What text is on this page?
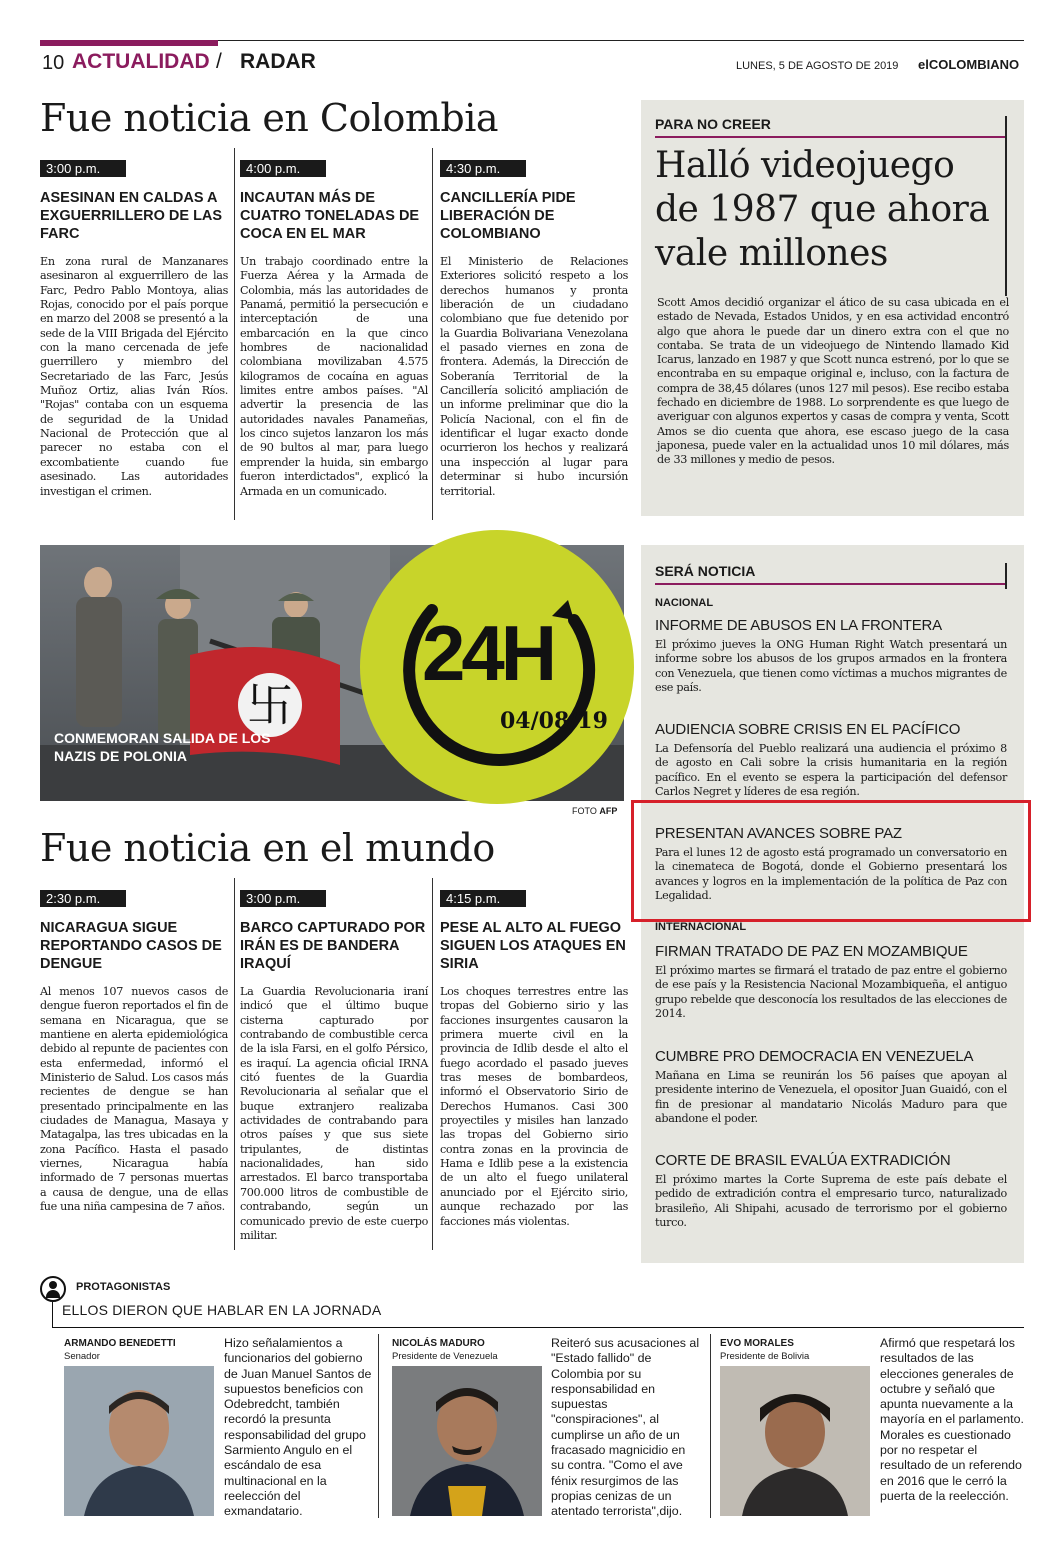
10 ACTUALIDAD / RADAR	LUNES, 5 DE AGOSTO DE 2019 elCOLOMBIANO
Fue noticia en Colombia
3:00 p.m.
ASESINAN EN CALDAS A EXGUERRILLERO DE LAS FARC
En zona rural de Manzanares asesinaron al exguerrillero de las Farc, Pedro Pablo Montoya, alias Rojas, conocido por el país porque en marzo del 2008 se presentó a la sede de la VIII Brigada del Ejército con la mano cercenada de jefe guerrillero y miembro del Secretariado de las Farc, Jesús Muñoz Ortiz, alias Iván Ríos. "Rojas" contaba con un esquema de seguridad de la Unidad Nacional de Protección que al parecer no estaba con el excombatiente cuando fue asesinado. Las autoridades investigan el crimen.
4:00 p.m.
INCAUTAN MÁS DE CUATRO TONELADAS DE COCA EN EL MAR
Un trabajo coordinado entre la Fuerza Aérea y la Armada de Colombia, más las autoridades de Panamá, permitió la persecución e interceptación de una embarcación en la que cinco hombres de nacionalidad colombiana movilizaban 4.575 kilogramos de cocaína en aguas limites entre ambos países. "Al advertir la presencia de las autoridades navales Panameñas, los cinco sujetos lanzaron los más de 90 bultos al mar, para luego emprender la huida, sin embargo fueron interdictados", explicó la Armada en un comunicado.
4:30 p.m.
CANCILLERÍA PIDE LIBERACIÓN DE COLOMBIANO
El Ministerio de Relaciones Exteriores solicitó respeto a los derechos humanos y pronta liberación de un ciudadano colombiano que fue detenido por la Guardia Bolivariana Venezolana el pasado viernes en zona de frontera. Además, la Dirección de Soberanía Territorial de la Cancillería solicitó ampliación de un informe preliminar que dio la Policía Nacional, con el fin de identificar el lugar exacto donde ocurrieron los hechos y realizará una inspección al lugar para determinar si hubo incursión territorial.
PARA NO CREER
Halló videojuego de 1987 que ahora vale millones
Scott Amos decidió organizar el ático de su casa ubicada en el estado de Nevada, Estados Unidos, y en esa actividad encontró algo que ahora le puede dar un dinero extra con el que no contaba. Se trata de un videojuego de Nintendo llamado Kid Icarus, lanzado en 1987 y que Scott nunca estrenó, por lo que se encontraba en su empaque original e, incluso, con la factura de compra de 38,45 dólares (unos 127 mil pesos). Ese recibo estaba fechado en diciembre de 1988. Lo sorprendente es que luego de averiguar con algunos expertos y casas de compra y venta, Scott Amos se dio cuenta que ahora, ese escaso juego de la casa japonesa, puede valer en la actualidad unos 10 mil dólares, más de 33 millones y medio de pesos.
卐
CONMEMORAN SALIDA DE LOS NAZIS DE POLONIA
24H
04/08/19
FOTO AFP
SERÁ NOTICIA
NACIONAL
INFORME DE ABUSOS EN LA FRONTERA
El próximo jueves la ONG Human Right Watch presentará un informe sobre los abusos de los grupos armados en la frontera con Venezuela, que tienen como víctimas a muchos migrantes de ese país.
AUDIENCIA SOBRE CRISIS EN EL PACÍFICO
La Defensoría del Pueblo realizará una audiencia el próximo 8 de agosto en Cali sobre la crisis humanitaria en la región pacífico. En el evento se espera la participación del defensor Carlos Negret y líderes de esa región.
PRESENTAN AVANCES SOBRE PAZ
Para el lunes 12 de agosto está programado un conversatorio en la cinemateca de Bogotá, donde el Gobierno presentará los avances y logros en la implementación de la política de Paz con Legalidad.
INTERNACIONAL
FIRMAN TRATADO DE PAZ EN MOZAMBIQUE
El próximo martes se firmará el tratado de paz entre el gobierno de ese país y la Resistencia Nacional Mozambiqueña, el antiguo grupo rebelde que desconocía los resultados de las elecciones de 2014.
CUMBRE PRO DEMOCRACIA EN VENEZUELA
Mañana en Lima se reunirán los 56 países que apoyan al presidente interino de Venezuela, el opositor Juan Guaidó, con el fin de presionar al mandatario Nicolás Maduro para que abandone el poder.
CORTE DE BRASIL EVALÚA EXTRADICIÓN
El próximo martes la Corte Suprema de este país debate el pedido de extradición contra el empresario turco, naturalizado brasileño, Ali Shipahi, acusado de terrorismo por el gobierno turco.
Fue noticia en el mundo
2:30 p.m.
NICARAGUA SIGUE REPORTANDO CASOS DE DENGUE
Al menos 107 nuevos casos de dengue fueron reportados el fin de semana en Nicaragua, que se mantiene en alerta epidemiológica debido al repunte de pacientes con esta enfermedad, informó el Ministerio de Salud. Los casos más recientes de dengue se han presentado principalmente en las ciudades de Managua, Masaya y Matagalpa, las tres ubicadas en la zona Pacífico. Hasta el pasado viernes, Nicaragua había informado de 7 personas muertas a causa de dengue, una de ellas fue una niña campesina de 7 años.
3:00 p.m.
BARCO CAPTURADO POR IRÁN ES DE BANDERA IRAQUÍ
La Guardia Revolucionaria iraní indicó que el último buque cisterna capturado por contrabando de combustible cerca de la isla Farsi, en el golfo Pérsico, es iraquí. La agencia oficial IRNA citó fuentes de la Guardia Revolucionaria al señalar que el buque extranjero realizaba actividades de contrabando para otros países y que sus siete tripulantes, de distintas nacionalidades, han sido arrestados. El barco transportaba 700.000 litros de combustible de contrabando, según un comunicado previo de este cuerpo militar.
4:15 p.m.
PESE AL ALTO AL FUEGO SIGUEN LOS ATAQUES EN SIRIA
Los choques terrestres entre las tropas del Gobierno sirio y las facciones insurgentes causaron la primera muerte civil en la provincia de Idlib desde el alto el fuego acordado el pasado jueves tras meses de bombardeos, informó el Observatorio Sirio de Derechos Humanos. Casi 300 proyectiles y misiles han lanzado las tropas del Gobierno sirio contra zonas en la provincia de Hama e Idlib pese a la existencia de un alto el fuego unilateral anunciado por el Ejército sirio, aunque rechazado por las facciones más violentas.
PROTAGONISTAS
ELLOS DIERON QUE HABLAR EN LA JORNADA
ARMANDO BENEDETTI
Senador
Hizo señalamientos a funcionarios del gobierno de Juan Manuel Santos de supuestos beneficios con Odebredcht, también recordó la presunta responsabilidad del grupo Sarmiento Angulo en el escándalo de esa multinacional en la reelección del exmandatario.
NICOLÁS MADURO
Presidente de Venezuela
Reiteró sus acusaciones al "Estado fallido" de Colombia por su responsabilidad en supuestas "conspiraciones", al cumplirse un año de un fracasado magnicidio en su contra. "Como el ave fénix resurgimos de las propias cenizas de un atentado terrorista",dijo.
EVO MORALES
Presidente de Bolivia
Afirmó que respetará los resultados de las elecciones generales de octubre y señaló que apunta nuevamente a la mayoría en el parlamento. Morales es cuestionado por no respetar el resultado de un referendo en 2016 que le cerró la puerta de la reelección.
